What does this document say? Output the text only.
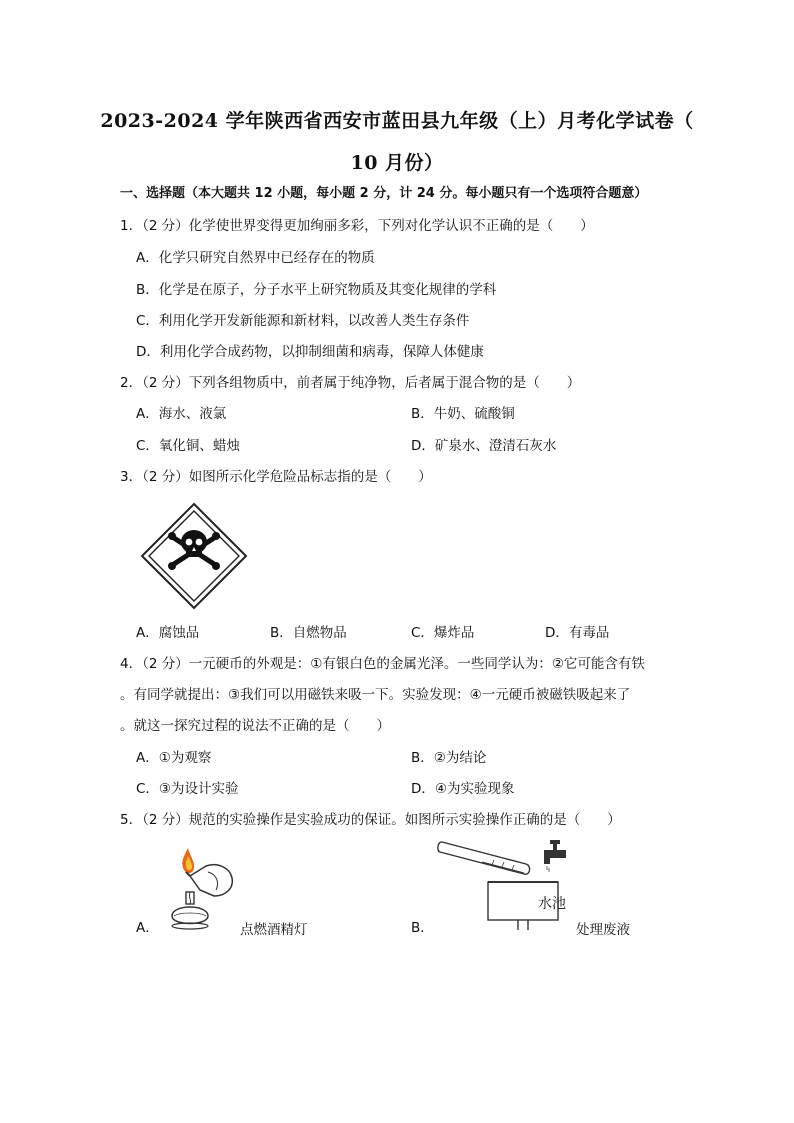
2023-2024 学年陕西省西安市蓝田县九年级（上）月考化学试卷（
10 月份）
一、选择题（本大题共 12 小题，每小题 2 分，计 24 分。每小题只有一个选项符合题意）
1．（2 分）化学使世界变得更加绚丽多彩，下列对化学认识不正确的是（　　）
A．化学只研究自然界中已经存在的物质
B．化学是在原子，分子水平上研究物质及其变化规律的学科
C．利用化学开发新能源和新材料，以改善人类生存条件
D．利用化学合成药物，以抑制细菌和病毒，保障人体健康
2．（2 分）下列各组物质中，前者属于纯净物，后者属于混合物的是（　　）
A．海水、液氯	B．牛奶、硫酸铜
C．氧化铜、蜡烛	D．矿泉水、澄清石灰水
3．（2 分）如图所示化学危险品标志指的是（　　）
A．腐蚀品	B．自燃物品	C．爆炸品	D．有毒品
4．（2 分）一元硬币的外观是：①有银白色的金属光泽。一些同学认为：②它可能含有铁
。有同学就提出：③我们可以用磁铁来吸一下。实验发现：④一元硬币被磁铁吸起来了
。就这一探究过程的说法不正确的是（　　）
A．①为观察	B．②为结论
C．③为设计实验	D．④为实验现象
5．（2 分）规范的实验操作是实验成功的保证。如图所示实验操作正确的是（　　）
A．	点燃酒精灯	B．
水池
处理废液
